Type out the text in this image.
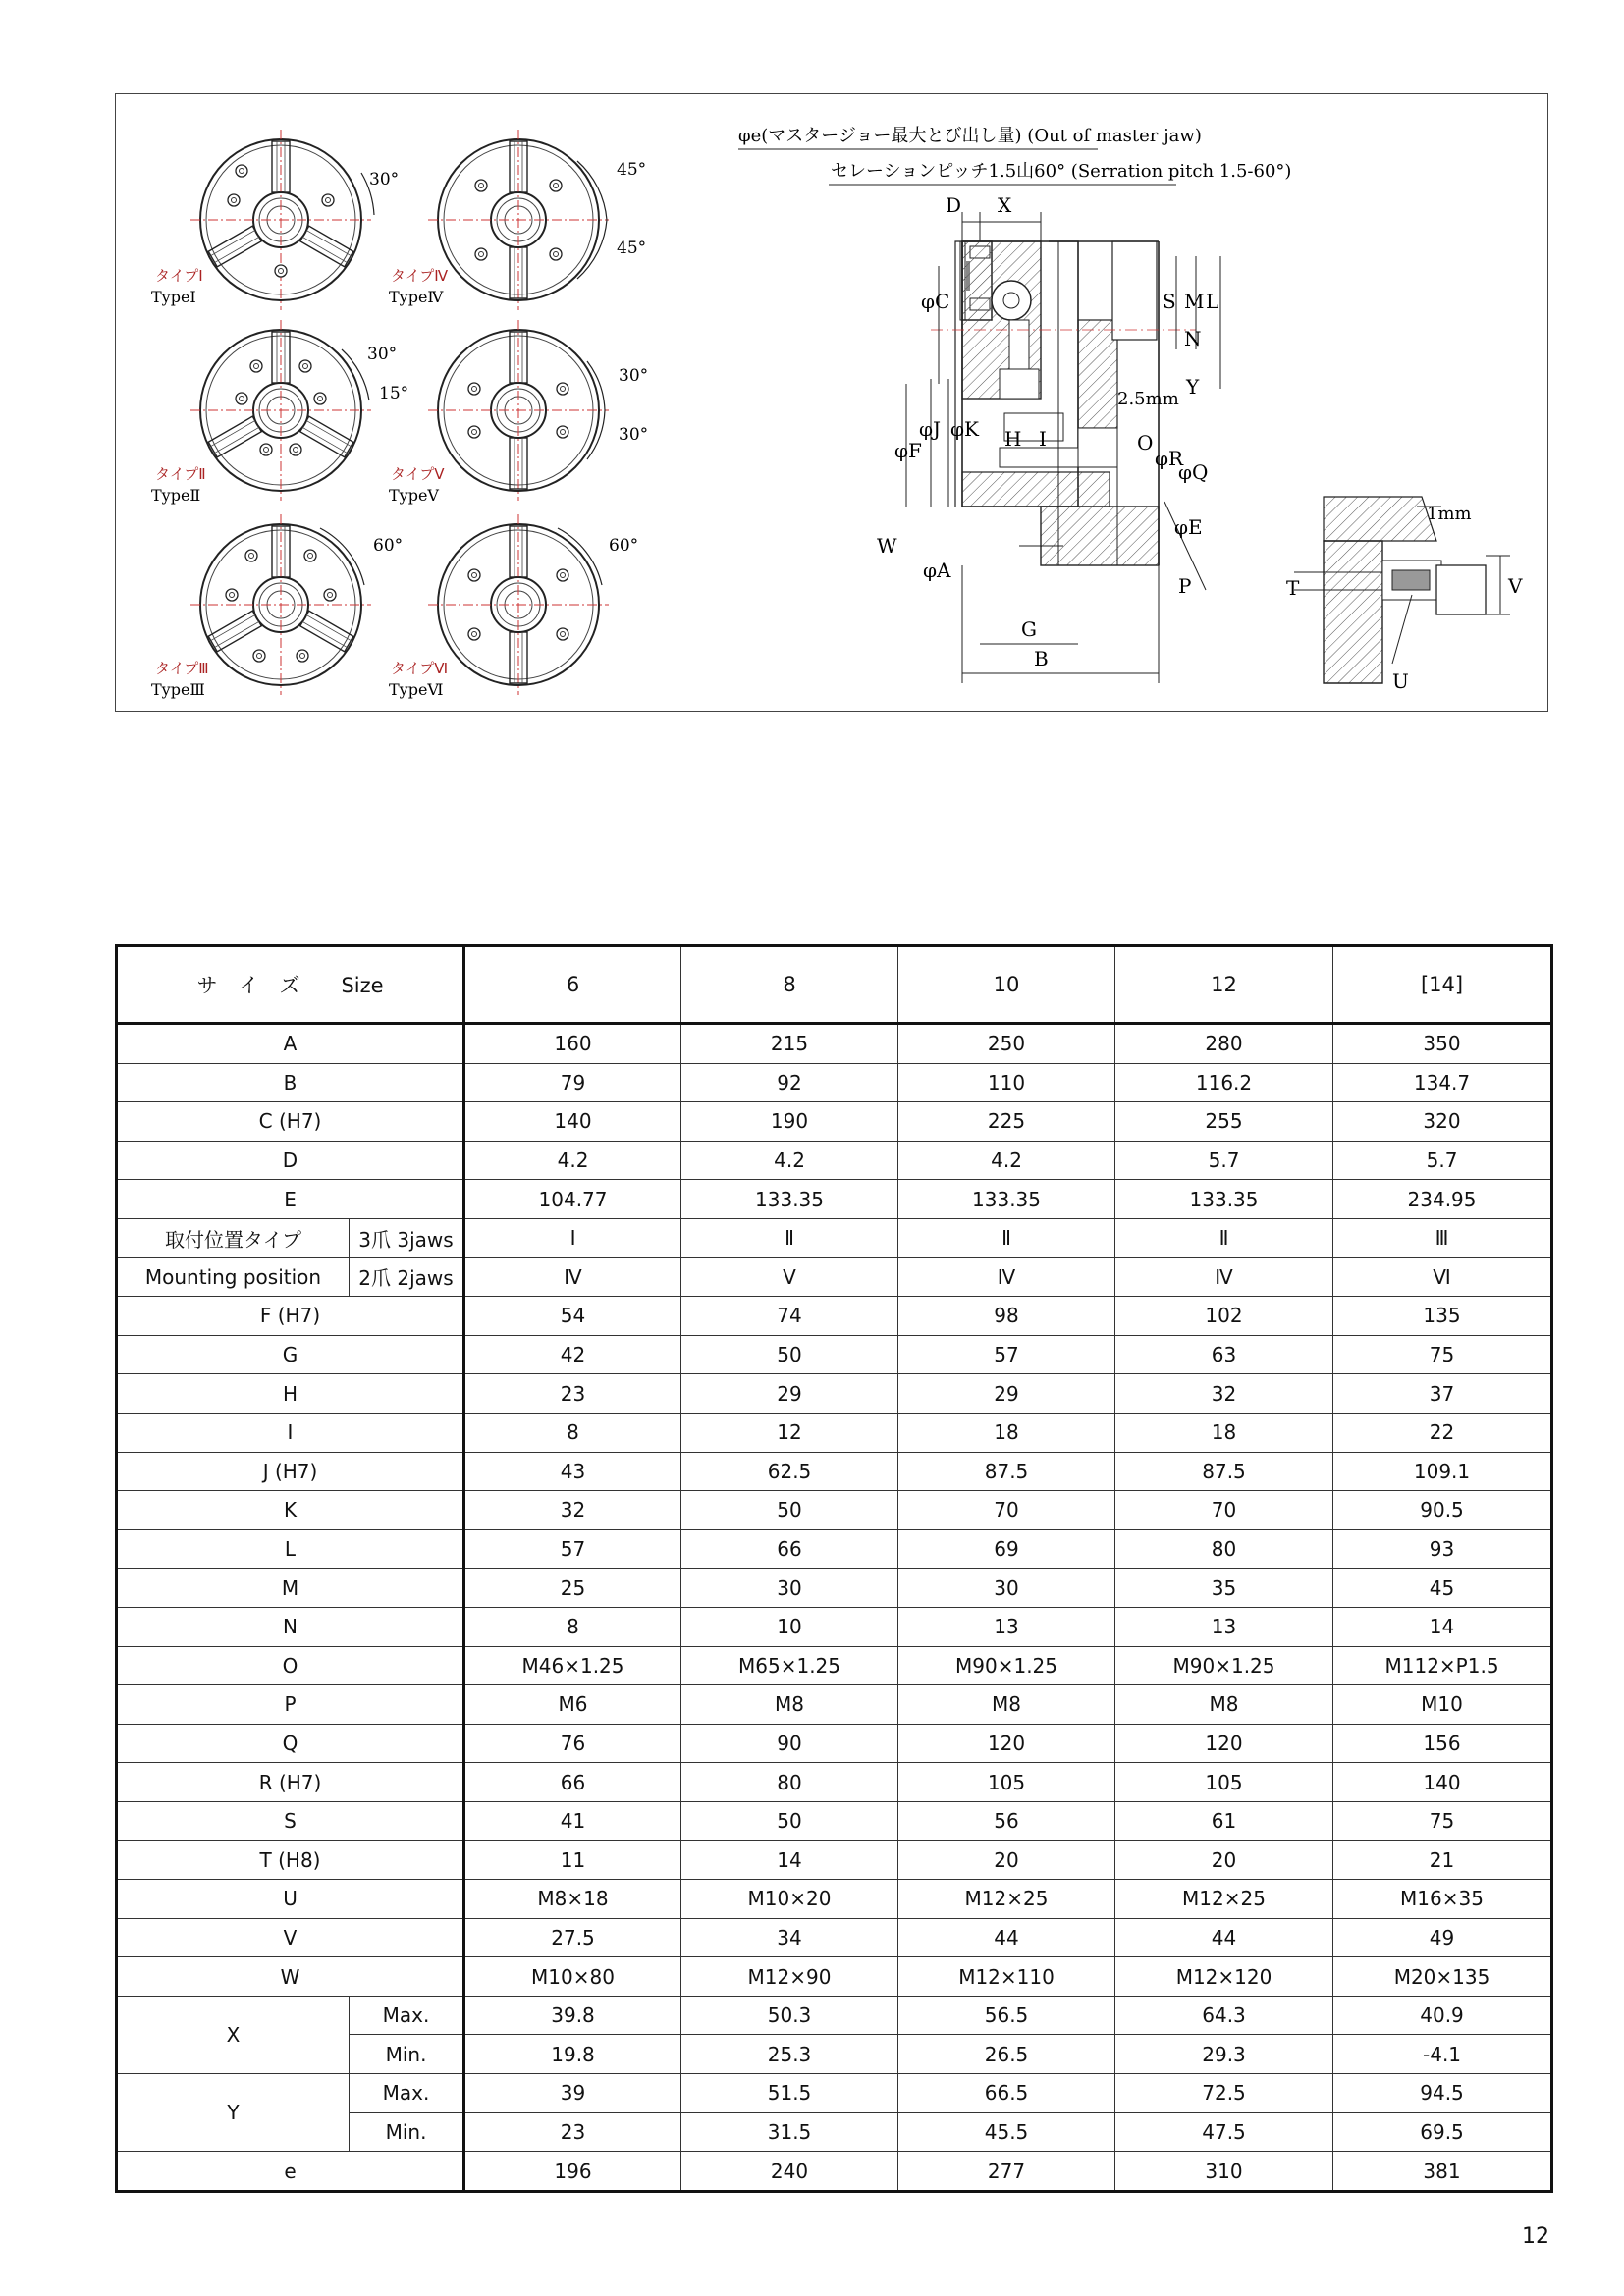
30°
タイプⅠ
TypeⅠ
45°
45°
タイプⅣ
TypeⅣ
30°
15°
タイプⅡ
TypeⅡ
30°
30°
タイプⅤ
TypeⅤ
60°
タイプⅢ
TypeⅢ
60°
タイプⅥ
TypeⅥ
φe(マスタージョー最大とび出し量) (Out of master jaw)
セレーションピッチ1.5山60° (Serration pitch 1.5-60°)
D X
φC	S M L
N
Y
2.5mm
φJ φK
φF	H I	O
φR
φQ
φE
W
φA
P
G
B
1mm
T	V
U
サ　イ　ズ　　Size		6	8	10	12	[14]
A		160	215	250	280	350
B		79	92	110	116.2	134.7
C (H7)		140	190	225	255	320
D		4.2	4.2	4.2	5.7	5.7
E		104.77	133.35	133.35	133.35	234.95
取付位置タイプ	3爪 3jaws	Ⅰ	Ⅱ	Ⅱ	Ⅱ	Ⅲ
Mounting position	2爪 2jaws	Ⅳ	Ⅴ	Ⅳ	Ⅳ	Ⅵ
F (H7)		54	74	98	102	135
G		42	50	57	63	75
H		23	29	29	32	37
I		8	12	18	18	22
J (H7)		43	62.5	87.5	87.5	109.1
K		32	50	70	70	90.5
L		57	66	69	80	93
M		25	30	30	35	45
N		8	10	13	13	14
O		M46×1.25	M65×1.25	M90×1.25	M90×1.25	M112×P1.5
P		M6	M8	M8	M8	M10
Q		76	90	120	120	156
R (H7)		66	80	105	105	140
S		41	50	56	61	75
T (H8)		11	14	20	20	21
U		M8×18	M10×20	M12×25	M12×25	M16×35
V		27.5	34	44	44	49
W		M10×80	M12×90	M12×110	M12×120	M20×135
X	Max.	39.8	50.3	56.5	64.3	40.9
	Min.	19.8	25.3	26.5	29.3	-4.1
Y	Max.	39	51.5	66.5	72.5	94.5
	Min.	23	31.5	45.5	47.5	69.5
e		196	240	277	310	381
12
